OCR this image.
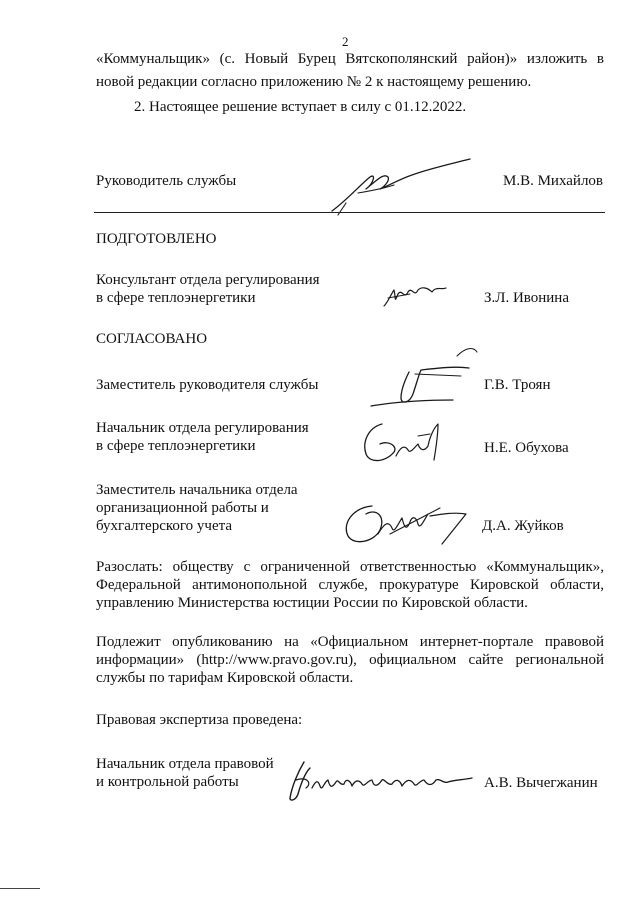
2
«Коммунальщик» (с. Новый Бурец Вятскополянский район)» изложить в
новой редакции согласно приложению № 2 к настоящему решению.
2. Настоящее решение вступает в силу с 01.12.2022.
Руководитель службы	М.В. Михайлов
ПОДГОТОВЛЕНО
Консультант отдела регулирования
в сфере теплоэнергетики	З.Л. Ивонина
СОГЛАСОВАНО
Заместитель руководителя службы	Г.В. Троян
Начальник отдела регулирования
в сфере теплоэнергетики	Н.Е. Обухова
Заместитель начальника отдела
организационной работы и
бухгалтерского учета	Д.А. Жуйков
Разослать: обществу с ограниченной ответственностью «Коммунальщик»,
Федеральной антимонопольной службе, прокуратуре Кировской области,
управлению Министерства юстиции России по Кировской области.
Подлежит опубликованию на «Официальном интернет-портале правовой
информации» (http://www.pravo.gov.ru), официальном сайте региональной
службы по тарифам Кировской области.
Правовая экспертиза проведена:
Начальник отдела правовой
и контрольной работы	А.В. Вычегжанин
